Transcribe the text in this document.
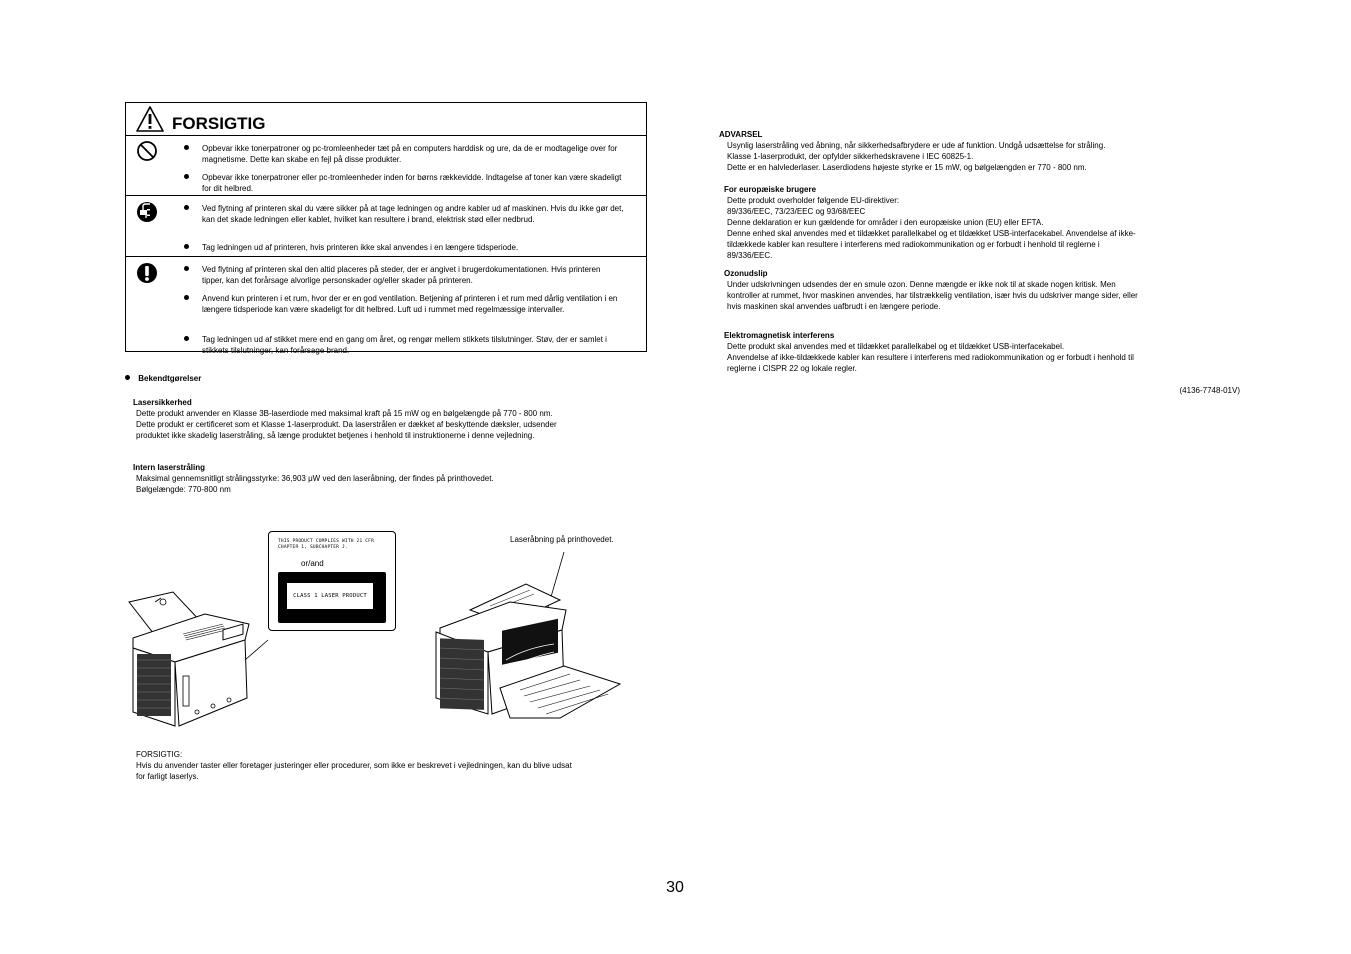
FORSIGTIG

Opbevar ikke tonerpatroner og pc-tromleenheder tæt på en computers harddisk og ure, da de er modtagelige over for magnetisme. Dette kan skabe en fejl på disse produkter.

Opbevar ikke tonerpatroner eller pc-tromleenheder inden for børns rækkevidde. Indtagelse af toner kan være skadeligt for dit helbred.

Ved flytning af printeren skal du være sikker på at tage ledningen og andre kabler ud af maskinen. Hvis du ikke gør det, kan det skade ledningen eller kablet, hvilket kan resultere i brand, elektrisk stød eller nedbrud.

Tag ledningen ud af printeren, hvis printeren ikke skal anvendes i en længere tidsperiode.

Ved flytning af printeren skal den altid placeres på steder, der er angivet i brugerdokumentationen. Hvis printeren tipper, kan det forårsage alvorlige personskader og/eller skader på printeren.

Anvend kun printeren i et rum, hvor der er en god ventilation. Betjening af printeren i et rum med dårlig ventilation i en længere tidsperiode kan være skadeligt for dit helbred. Luft ud i rummet med regelmæssige intervaller.

Tag ledningen ud af stikket mere end en gang om året, og rengør mellem stikkets tilslutninger. Støv, der er samlet i stikkets tilslutninger, kan forårsage brand.

Bekendtgørelser

Lasersikkerhed

Dette produkt anvender en Klasse 3B-laserdiode med maksimal kraft på 15 mW og en bølgelængde på 770 - 800 nm.

Dette produkt er certificeret som et Klasse 1-laserprodukt. Da laserstrålen er dækket af beskyttende dæksler, udsender

produktet ikke skadelig laserstråling, så længe produktet betjenes i henhold til instruktionerne i denne vejledning.

Intern laserstråling

Maksimal gennemsnitligt strålingsstyrke: 36,903 μW ved den laseråbning, der findes på printhovedet.

Bølgelængde: 770-800 nm

THIS PRODUCT COMPLIES WITH 21 CFR
CHAPTER 1, SUBCHAPTER J.
or/and
CLASS 1 LASER PRODUCT
Laseråbning på printhovedet.

FORSIGTIG:

Hvis du anvender taster eller foretager justeringer eller procedurer, som ikke er beskrevet i vejledningen, kan du blive udsat

for farligt laserlys.

ADVARSEL

Usynlig laserstråling ved åbning, når sikkerhedsafbrydere er ude af funktion. Undgå udsættelse for stråling.

Klasse 1-laserprodukt, der opfylder sikkerhedskravene i IEC 60825-1.

Dette er en halvlederlaser. Laserdiodens højeste styrke er 15 mW, og bølgelængden er 770 - 800 nm.

For europæiske brugere

Dette produkt overholder følgende EU-direktiver:

89/336/EEC, 73/23/EEC og 93/68/EEC

Denne deklaration er kun gældende for områder i den europæiske union (EU) eller EFTA.

Denne enhed skal anvendes med et tildækket parallelkabel og et tildækket USB-interfacekabel. Anvendelse af ikke-

tildækkede kabler kan resultere i interferens med radiokommunikation og er forbudt i henhold til reglerne i

89/336/EEC.

Ozonudslip

Under udskrivningen udsendes der en smule ozon. Denne mængde er ikke nok til at skade nogen kritisk. Men

kontroller at rummet, hvor maskinen anvendes, har tilstrækkelig ventilation, især hvis du udskriver mange sider, eller

hvis maskinen skal anvendes uafbrudt i en længere periode.

Elektromagnetisk interferens

Dette produkt skal anvendes med et tildækket parallelkabel og et tildækket USB-interfacekabel.

Anvendelse af ikke-tildækkede kabler kan resultere i interferens med radiokommunikation og er forbudt i henhold til

reglerne i CISPR 22 og lokale regler.

(4136-7748-01V)
30
